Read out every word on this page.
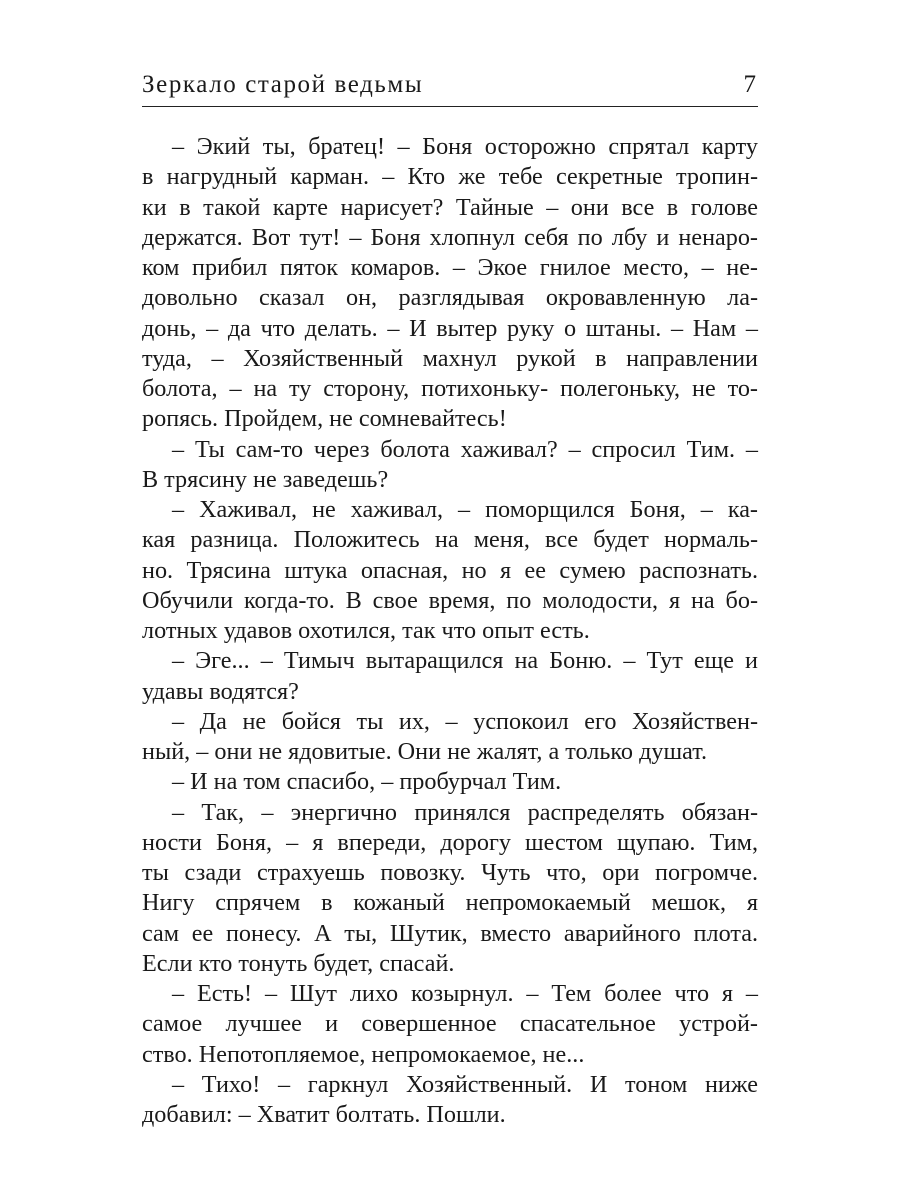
Зеркало старой ведьмы	7
– Экий ты, братец! – Боня осторожно спрятал карту
в нагрудный карман. – Кто же тебе секретные тропин-
ки в такой карте нарисует? Тайные – они все в голове
держатся. Вот тут! – Боня хлопнул себя по лбу и ненаро-
ком прибил пяток комаров. – Экое гнилое место, – не-
довольно сказал он, разглядывая окровавленную ла-
донь, – да что делать. – И вытер руку о штаны. – Нам –
туда, – Хозяйственный махнул рукой в направлении
болота, – на ту сторону, потихоньку- полегоньку, не то-
ропясь. Пройдем, не сомневайтесь!
– Ты сам-то через болота хаживал? – спросил Тим. –
В трясину не заведешь?
– Хаживал, не хаживал, – поморщился Боня, – ка-
кая разница. Положитесь на меня, все будет нормаль-
но. Трясина штука опасная, но я ее сумею распознать.
Обучили когда-то. В свое время, по молодости, я на бо-
лотных удавов охотился, так что опыт есть.
– Эге... – Тимыч вытаращился на Боню. – Тут еще и
удавы водятся?
– Да не бойся ты их, – успокоил его Хозяйствен-
ный, – они не ядовитые. Они не жалят, а только душат.
– И на том спасибо, – пробурчал Тим.
– Так, – энергично принялся распределять обязан-
ности Боня, – я впереди, дорогу шестом щупаю. Тим,
ты сзади страхуешь повозку. Чуть что, ори погромче.
Нигу спрячем в кожаный непромокаемый мешок, я
сам ее понесу. А ты, Шутик, вместо аварийного плота.
Если кто тонуть будет, спасай.
– Есть! – Шут лихо козырнул. – Тем более что я –
самое лучшее и совершенное спасательное устрой-
ство. Непотопляемое, непромокаемое, не...
– Тихо! – гаркнул Хозяйственный. И тоном ниже
добавил: – Хватит болтать. Пошли.
